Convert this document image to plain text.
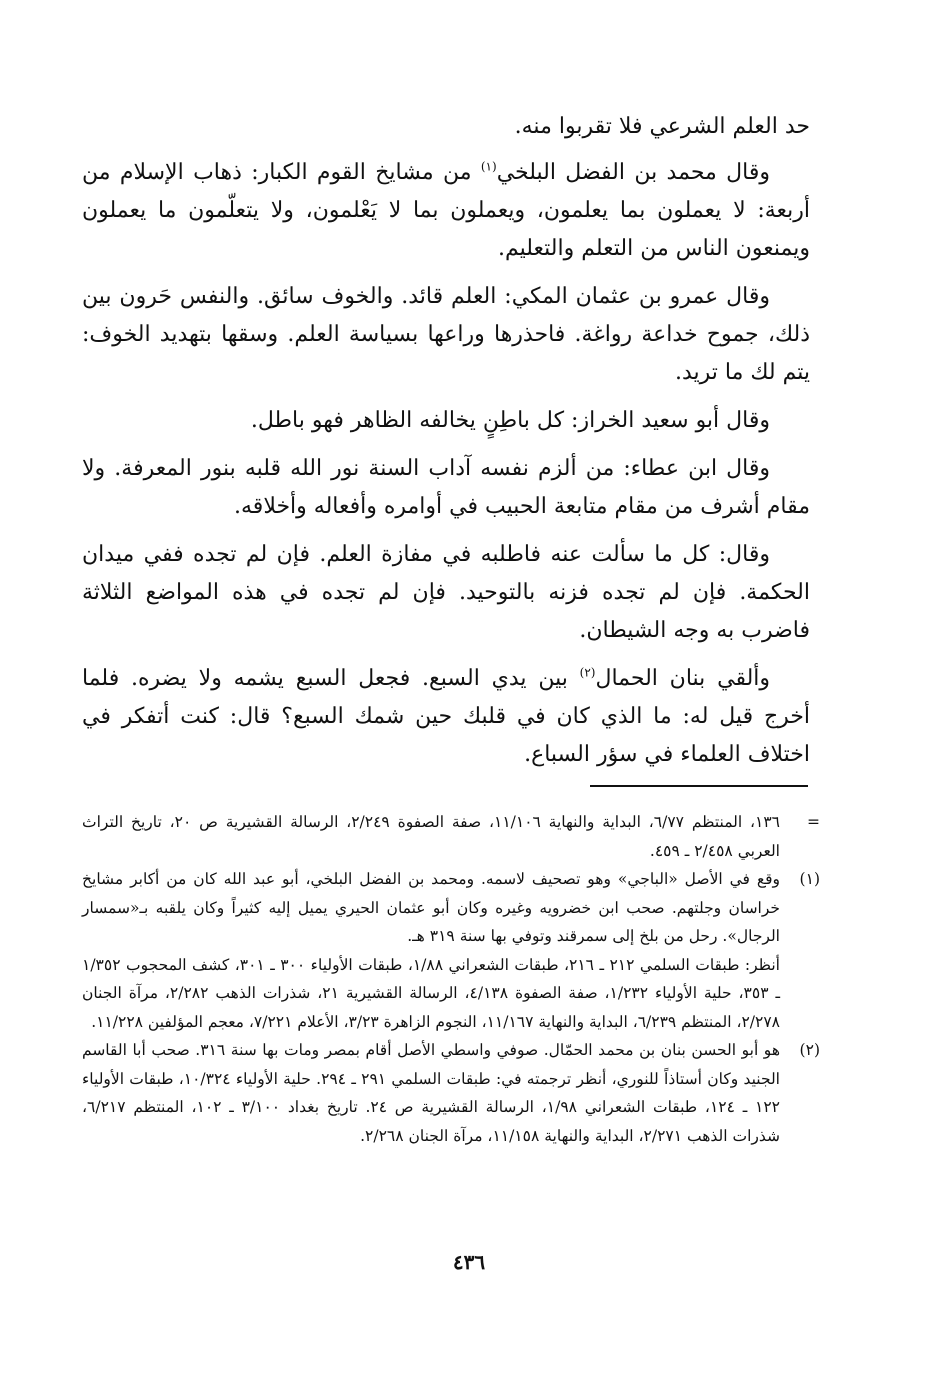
حد العلم الشرعي فلا تقربوا منه.

وقال محمد بن الفضل البلخي$^{(١)}$ من مشايخ القوم الكبار: ذهاب الإسلام من أربعة: لا يعملون بما يعلمون، ويعملون بما لا يَعْلمون، ولا يتعلّمون ما يعملون ويمنعون الناس من التعلم والتعليم.

وقال عمرو بن عثمان المكي: العلم قائد. والخوف سائق. والنفس حَرون بين ذلك، جموح خداعة رواغة. فاحذرها وراعها بسياسة العلم. وسقها بتهديد الخوف: يتم لك ما تريد.

وقال أبو سعيد الخراز: كل باطِنٍ يخالفه الظاهر فهو باطل.

وقال ابن عطاء: من ألزم نفسه آداب السنة نور الله قلبه بنور المعرفة. ولا مقام أشرف من مقام متابعة الحبيب في أوامره وأفعاله وأخلاقه.

وقال: كل ما سألت عنه فاطلبه في مفازة العلم. فإن لم تجده ففي ميدان الحكمة. فإن لم تجده فزنه بالتوحيد. فإن لم تجده في هذه المواضع الثلاثة فاضرب به وجه الشيطان.

وألقي بنان الحمال$^{(٢)}$ بين يدي السبع. فجعل السبع يشمه ولا يضره. فلما أخرج قيل له: ما الذي كان في قلبك حين شمك السبع؟ قال: كنت أتفكر في اختلاف العلماء في سؤر السباع.

=

١٣٦، المنتظم ٦/٧٧، البداية والنهاية ١١/١٠٦، صفة الصفوة ٢/٢٤٩، الرسالة القشيرية ص ٢٠، تاريخ التراث العربي ٢/٤٥٨ ـ ٤٥٩.

(١)

وقع في الأصل «الباجي» وهو تصحيف لاسمه. ومحمد بن الفضل البلخي، أبو عبد الله كان من أكابر مشايخ خراسان وجلتهم. صحب ابن خضرويه وغيره وكان أبو عثمان الحيري يميل إليه كثيراً وكان يلقبه بـ«سمسار الرجال». رحل من بلخ إلى سمرقند وتوفي بها سنة ٣١٩ هـ.

أنظر: طبقات السلمي ٢١٢ ـ ٢١٦، طبقات الشعراني ١/٨٨، طبقات الأولياء ٣٠٠ ـ ٣٠١، كشف المحجوب ١/٣٥٢ ـ ٣٥٣، حلية الأولياء ١/٢٣٢، صفة الصفوة ٤/١٣٨، الرسالة القشيرية ٢١، شذرات الذهب ٢/٢٨٢، مرآة الجنان ٢/٢٧٨، المنتظم ٦/٢٣٩، البداية والنهاية ١١/١٦٧، النجوم الزاهرة ٣/٢٣، الأعلام ٧/٢٢١، معجم المؤلفين ١١/٢٢٨.

(٢)

هو أبو الحسن بنان بن محمد الحمّال. صوفي واسطي الأصل أقام بمصر ومات بها سنة ٣١٦. صحب أبا القاسم الجنيد وكان أستاذاً للنوري، أنظر ترجمته في: طبقات السلمي ٢٩١ ـ ٢٩٤. حلية الأولياء ١٠/٣٢٤، طبقات الأولياء ١٢٢ ـ ١٢٤، طبقات الشعراني ١/٩٨، الرسالة القشيرية ص ٢٤. تاريخ بغداد ٣/١٠٠ ـ ١٠٢، المنتظم ٦/٢١٧، شذرات الذهب ٢/٢٧١، البداية والنهاية ١١/١٥٨، مرآة الجنان ٢/٢٦٨.

٤٣٦
